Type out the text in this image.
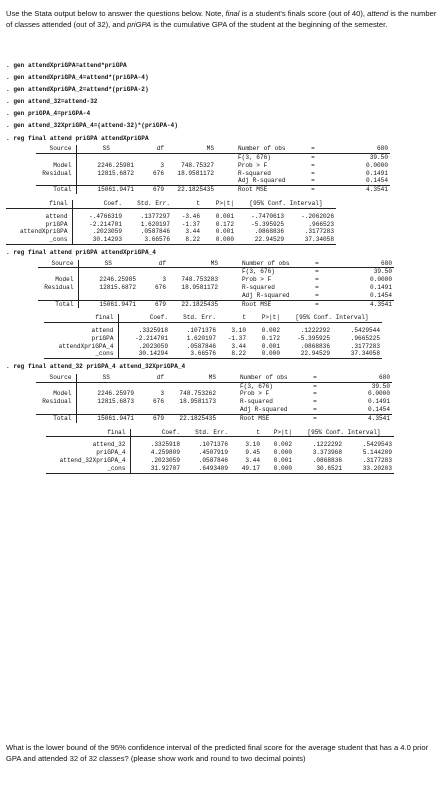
Use the Stata output below to answer the questions below. Note, final is a student's finals score (out of 40), attend is the number of classes attended (out of 32), and priGPA is the cumulative GPA of the student at the beginning of the semester.
. gen attendXpriGPA=attend*priGPA
. gen attendXpriGPA_4=attend*(priGPA-4)
. gen attendXpriGPA_2=attend*(priGPA-2)
. gen attend_32=attend-32
. gen priGPA_4=priGPA-4
. gen attend_32XpriGPA_4=(attend-32)*(priGPA-4)
. reg final attend priGPA attendXpriGPA
Source	SS	df	MS		Number of obs	=	680
					F(3, 676)	=	39.50
Model	2246.25981	3	748.75327		Prob > F	=	0.0000
Residual	12815.6872	676	18.9581172		R-squared	=	0.1491
					Adj R-squared	=	0.1454
Total	15061.9471	679	22.1825435		Root MSE	=	4.3541
final	Coef.	Std. Err.	t	P>|t|	[95% Conf. Interval]	

attend	-.4766319	.1377297	-3.46	0.001	-.7470613	-.2062026
priGPA	-2.214701	1.620197	-1.37	0.172	-5.395925	.966523
attendXpriGPA	.2023059	.0587846	3.44	0.001	.0868836	.3177283
_cons	30.14293	3.66576	8.22	0.000	22.94529	37.34058
. reg final attend priGPA attendXpriGPA_4
Source	SS	df	MS		Number of obs	=	680
					F(3, 676)	=	39.50
Model	2246.25985	3	748.753283		Prob > F	=	0.0000
Residual	12815.6872	676	18.9581172		R-squared	=	0.1491
					Adj R-squared	=	0.1454
Total	15061.9471	679	22.1825435		Root MSE	=	4.3541
final	Coef.	Std. Err.	t	P>|t|	[95% Conf. Interval]	

attend	.3325918	.1071376	3.10	0.002	.1222292	.5429544
priGPA	-2.214701	1.620197	-1.37	0.172	-5.395925	.9665225
attendXpriGPA_4	.2023059	.0587846	3.44	0.001	.0868836	.3177283
_cons	30.14294	3.66576	8.22	0.000	22.94529	37.34058
. reg final attend_32 priGPA_4 attend_32XpriGPA_4
Source	SS	df	MS		Number of obs	=	680
					F(3, 676)	=	39.50
Model	2246.25979	3	748.753262		Prob > F	=	0.0000
Residual	12815.6873	676	18.9581173		R-squared	=	0.1491
					Adj R-squared	=	0.1454
Total	15061.9471	679	22.1825435		Root MSE	=	4.3541
final	Coef.	Std. Err.	t	P>|t|	[95% Conf. Interval]	

attend_32	.3325918	.1071376	3.10	0.002	.1222292	.5429543
priGPA_4	4.259809	.4507919	9.45	0.000	3.373968	5.144209
attend_32XpriGPA_4	.2023059	.0587846	3.44	0.001	.0868836	.3177283
_cons	31.92707	.6493409	49.17	0.000	30.6521	33.20203
What is the lower bound of the 95% confidence interval of the predicted final score for the average student that has a 4.0 prior GPA and attended 32 of 32 classes? (please show work and round to two decimal points)
